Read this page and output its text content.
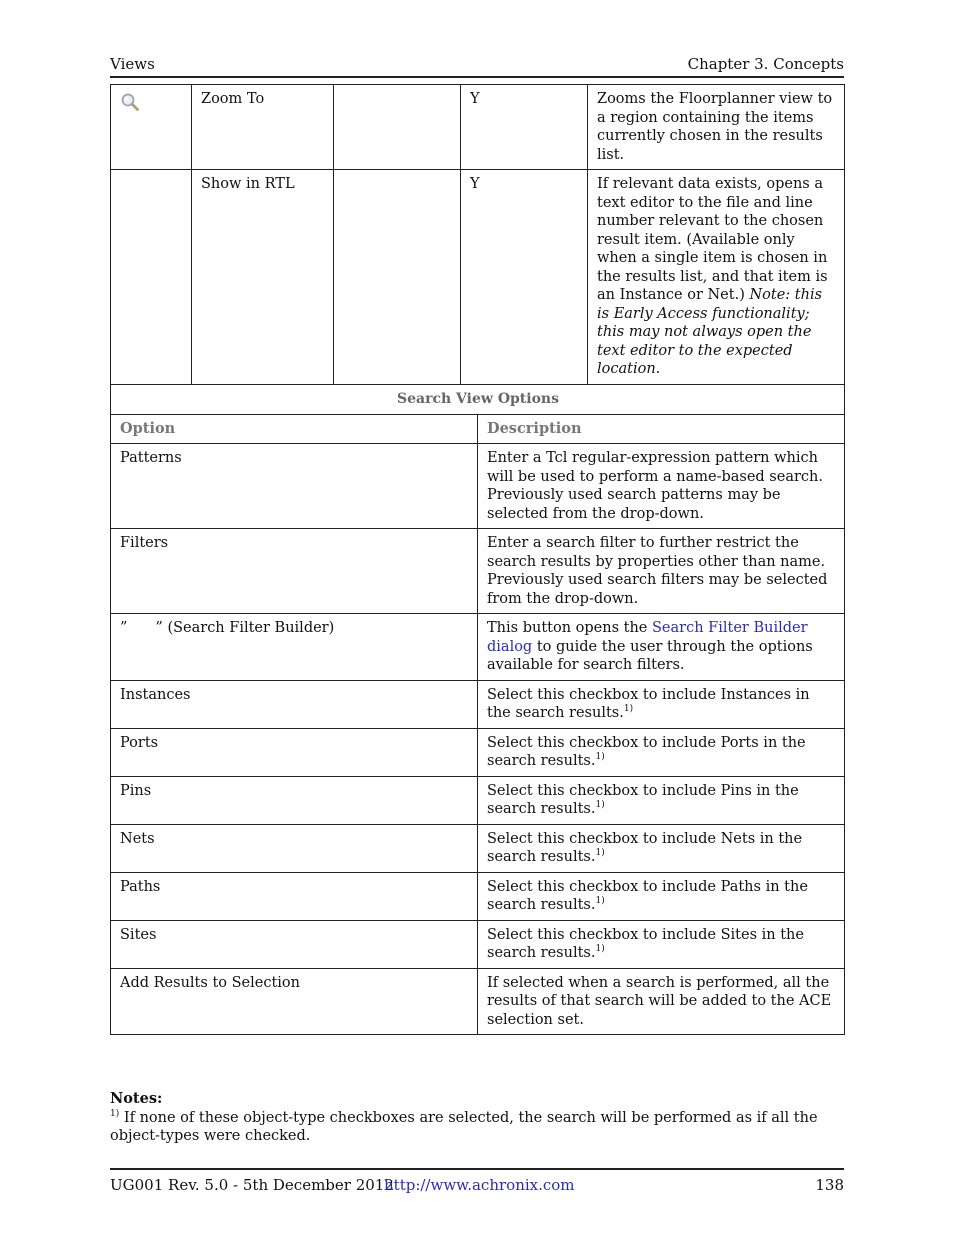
Views	Chapter 3. Concepts
	Zoom To		Y	Zooms the Floorplanner view to a region containing the items currently chosen in the results list.
	Show in RTL		Y	If relevant data exists, opens a text editor to the file and line number relevant to the chosen result item. (Available only when a single item is chosen in the results list, and that item is an Instance or Net.) Note: this is Early Access functionality; this may not always open the text editor to the expected location.
Search View Options	
Option	Description
Patterns	Enter a Tcl regular-expression pattern which will be used to perform a name-based search. Previously used search patterns may be selected from the drop-down.
Filters	Enter a search filter to further restrict the search results by properties other than name. Previously used search filters may be selected from the drop-down.
” ” (Search Filter Builder)	This button opens the Search Filter Builder dialog to guide the user through the options available for search filters.
Instances	Select this checkbox to include Instances in the search results.$^{1)}$
Ports	Select this checkbox to include Ports in the search results.$^{1)}$
Pins	Select this checkbox to include Pins in the search results.$^{1)}$
Nets	Select this checkbox to include Nets in the search results.$^{1)}$
Paths	Select this checkbox to include Paths in the search results.$^{1)}$
Sites	Select this checkbox to include Sites in the search results.$^{1)}$
Add Results to Selection	If selected when a search is performed, all the results of that search will be added to the ACE selection set.
Notes:
$^{1)}$ If none of these object-type checkboxes are selected, the search will be performed as if all the object-types were checked.
UG001 Rev. 5.0 - 5th December 2012
http://www.achronix.com	138
